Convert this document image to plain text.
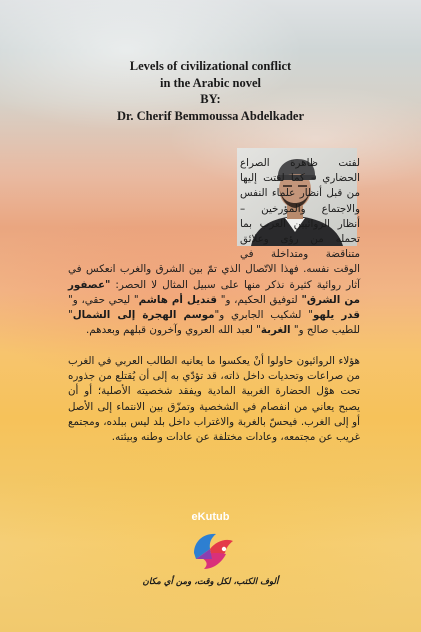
Levels of civilizational conflict
in the Arabic novel
BY:
Dr. Cherif Bemmoussa Abdelkader
لفتت ظاهرة الصراع الحضاري – كما لفتت إليها من قبل أنظار علماء النفس والاجتماع والمؤرخين – أنظار الروائيين العرب بما تحمله من رؤى وعلائق متناقضة ومتداخلة في الوقت نفسه. فهذا الاتّصال الذي تمّ بين الشرق والغرب انعكس في آثار روائية كثيرة نذكر منها على سبيل المثال لا الحصر: "عصفور من الشرق" لتوفيق الحكيم، و" قنديل أم هاشم" ليحي حقي، و" قدر يلهو" لشكيب الجابري و"موسم الهجرة إلى الشمال" للطيب صالح و" الغربة" لعبد الله العروي وآخرون قبلهم وبعدهم.
هؤلاء الروائيون حاولوا أنْ يعكسوا ما يعانيه الطالب العربي في الغرب من صراعات وتحديات داخل ذاته، قد تؤدّي به إلى أن يُقتلع من جذوره تحت هوْل الحضارة الغربية المادية ويفقد شخصيته الأصلية؛ أو أن يصبح يعاني من انفصام في الشخصية وتمزّق بين الانتماء إلى الأصل أو إلى الغرب. فيحسّ بالغربة والاغتراب داخل بلد ليس ببلده، ومجتمع غريب عن مجتمعه، وعادات مختلفة عن عادات وطنه وبيئته.
eKutub
ألوف الكتب، لكل وقت، ومن أي مكان
